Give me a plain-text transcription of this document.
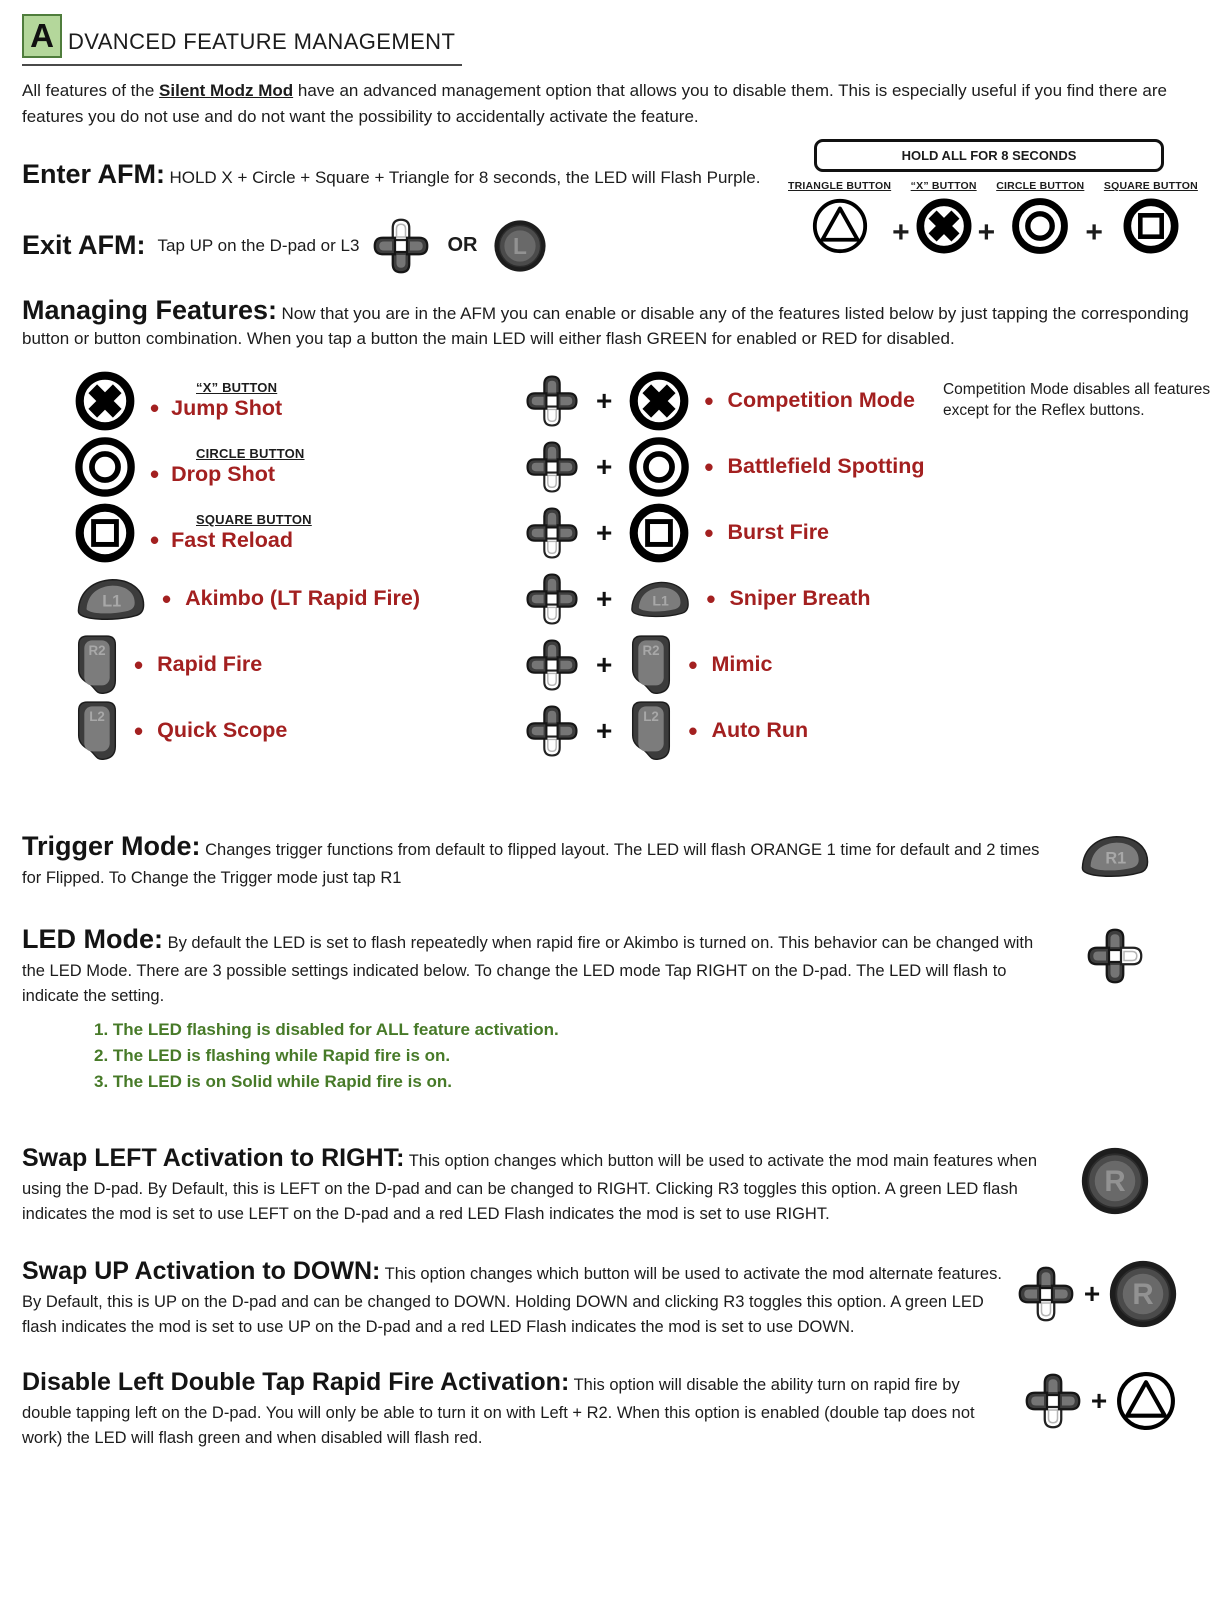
A DVANCED FEATURE MANAGEMENT

All features of the Silent Modz Mod have an advanced management option that allows you to disable them. This is especially useful if you find there are features you do not use and do not want the possibility to accidentally activate the feature.

Enter AFM: HOLD X + Circle + Square + Triangle for 8 seconds, the LED will Flash Purple.
Exit AFM: Tap UP on the D-pad or L3	OR L
HOLD ALL FOR 8 SECONDS
TRIANGLE BUTTON
+
“X” BUTTON
+
CIRCLE BUTTON
+
SQUARE BUTTON
Managing Features: Now that you are in the AFM you can enable or disable any of the features listed below by just tapping the corresponding button or button combination. When you tap a button the main LED will either flash GREEN for enabled or RED for disabled.
“X” BUTTON
• Jump Shot	+	• Competition Mode Competition Mode disables all features except for the Reflex buttons.
CIRCLE BUTTON
• Drop Shot	+	• Battlefield Spotting
SQUARE BUTTON
• Fast Reload	+	• Burst Fire
L1 • Akimbo (LT Rapid Fire)	+ L1 • Sniper Breath
R2 • Rapid Fire	+ R2 • Mimic
L2 • Quick Scope	+ L2 • Auto Run
Trigger Mode: Changes trigger functions from default to flipped layout. The LED will flash ORANGE 1 time for default and 2 times for Flipped. To Change the Trigger mode just tap R1
R1
LED Mode: By default the LED is set to flash repeatedly when rapid fire or Akimbo is turned on. This behavior can be changed with the LED Mode. There are 3 possible settings indicated below. To change the LED mode Tap RIGHT on the D-pad. The LED will flash to indicate the setting.
1. The LED flashing is disabled for ALL feature activation.
2. The LED is flashing while Rapid fire is on.
3. The LED is on Solid while Rapid fire is on.
Swap LEFT Activation to RIGHT: This option changes which button will be used to activate the mod main features when using the D-pad. By Default, this is LEFT on the D-pad and can be changed to RIGHT. Clicking R3 toggles this option. A green LED flash indicates the mod is set to use LEFT on the D-pad and a red LED Flash indicates the mod is set to use RIGHT.
R
Swap UP Activation to DOWN: This option changes which button will be used to activate the mod alternate features. By Default, this is UP on the D-pad and can be changed to DOWN. Holding DOWN and clicking R3 toggles this option. A green LED flash indicates the mod is set to use UP on the D-pad and a red LED Flash indicates the mod is set to use DOWN.
+ R
Disable Left Double Tap Rapid Fire Activation: This option will disable the ability turn on rapid fire by double tapping left on the D-pad. You will only be able to turn it on with Left + R2. When this option is enabled (double tap does not work) the LED will flash green and when disabled will flash red.
+
